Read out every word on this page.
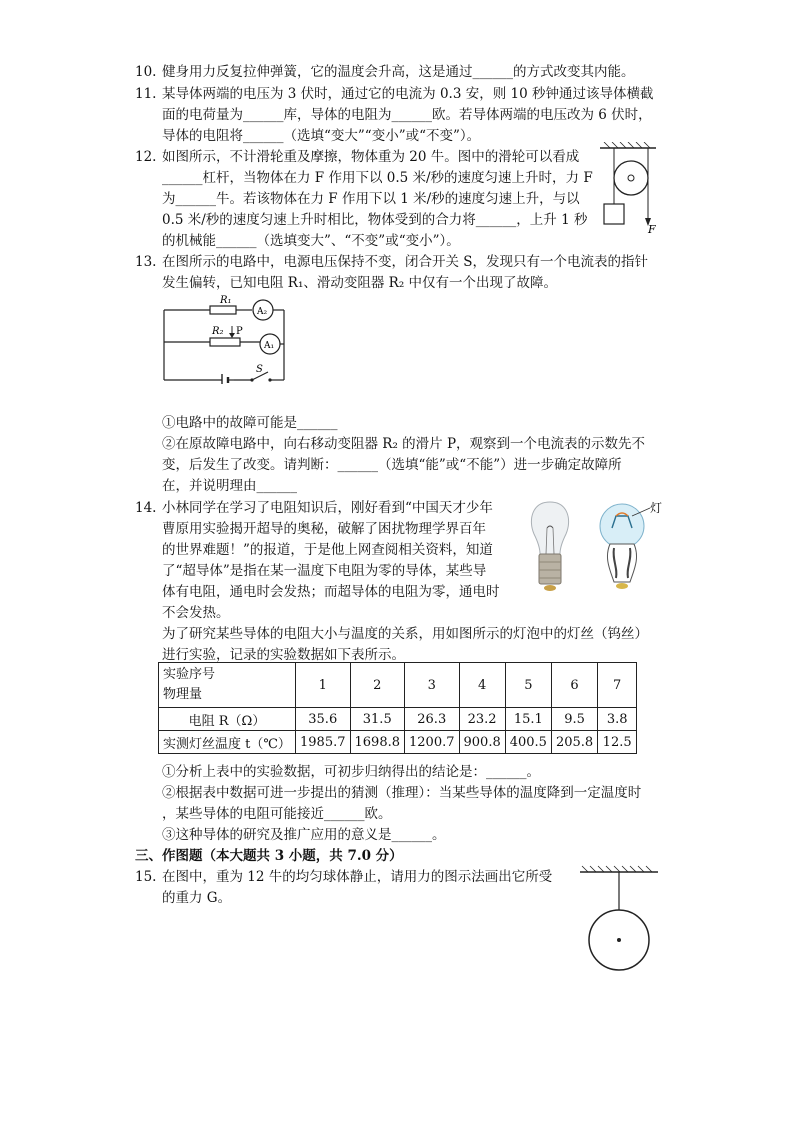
10. 健身用力反复拉伸弹簧，它的温度会升高，这是通过______的方式改变其内能。
11. 某导体两端的电压为 3 伏时，通过它的电流为 0.3 安，则 10 秒钟通过该导体横截
面的电荷量为______库，导体的电阻为______欧。若导体两端的电压改为 6 伏时，
导体的电阻将______（选填“变大”“变小”或“不变”）。
12. 如图所示，不计滑轮重及摩擦，物体重为 20 牛。图中的滑轮可以看成
______杠杆，当物体在力 F 作用下以 0.5 米/秒的速度匀速上升时，力 F
为______牛。若该物体在力 F 作用下以 1 米/秒的速度匀速上升，与以
0.5 米/秒的速度匀速上升时相比，物体受到的合力将______，上升 1 秒
的机械能______（选填变大”、“不变”或“变小”）。
F
13. 在图所示的电路中，电源电压保持不变，闭合开关 S，发现只有一个电流表的指针
发生偏转，已知电阻 R₁、滑动变阻器 R₂ 中仅有一个出现了故障。
R₁
A₂
R₂ P
A₁
S
①电路中的故障可能是______
②在原故障电路中，向右移动变阻器 R₂ 的滑片 P，观察到一个电流表的示数先不
变，后发生了改变。请判断：______（选填“能”或“不能”）进一步确定故障所
在，并说明理由______
14. 小林同学在学习了电阻知识后，刚好看到“中国天才少年
曹原用实验揭开超导的奥秘，破解了困扰物理学界百年
的世界难题！”的报道，于是他上网查阅相关资料，知道
了“超导体”是指在某一温度下电阻为零的导体，某些导
体有电阻，通电时会发热；而超导体的电阻为零，通电时
不会发热。
为了研究某些导体的电阻大小与温度的关系，用如图所示的灯泡中的灯丝（钨丝）
进行实验，记录的实验数据如下表所示。
灯
实验序号
物理量	1	2	3	4	5	6	7
电阻 R（Ω）	35.6	31.5	26.3	23.2	15.1	9.5	3.8
实测灯丝温度 t（℃）	1985.7	1698.8	1200.7	900.8	400.5	205.8	12.5
①分析上表中的实验数据，可初步归纳得出的结论是：______。
②根据表中数据可进一步提出的猜测（推理）：当某些导体的温度降到一定温度时
，某些导体的电阻可能接近______欧。
③这种导体的研究及推广应用的意义是______。
三、作图题（本大题共 3 小题，共 7.0 分）
15. 在图中，重为 12 牛的均匀球体静止，请用力的图示法画出它所受
的重力 G。
